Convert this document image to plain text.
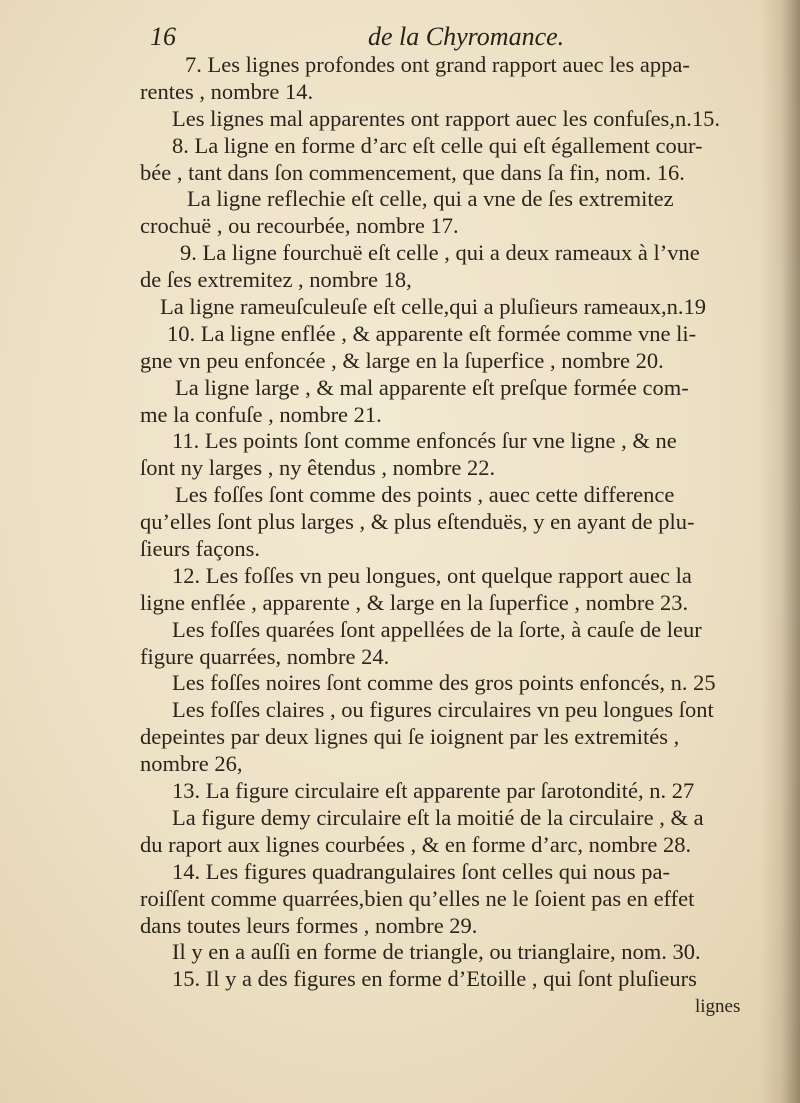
16	de la Chyromance.
7. Les lignes profondes ont grand rapport auec les appa-
rentes , nombre 14.
Les lignes mal apparentes ont rapport auec les confuſes,n.15.
8. La ligne en forme d’arc eſt celle qui eſt égallement cour-
bée , tant dans ſon commencement, que dans ſa fin, nom. 16.
La ligne reflechie eſt celle, qui a vne de ſes extremitez
crochuë , ou recourbée, nombre 17.
9. La ligne fourchuë eſt celle , qui a deux rameaux à l’vne
de ſes extremitez , nombre 18,
La ligne rameuſculeuſe eſt celle,qui a pluſieurs rameaux,n.19
10. La ligne enflée , & apparente eſt formée comme vne li-
gne vn peu enfoncée , & large en la ſuperfice , nombre 20.
La ligne large , & mal apparente eſt preſque formée com-
me la confuſe , nombre 21.
11. Les points ſont comme enfoncés ſur vne ligne , & ne
ſont ny larges , ny êtendus , nombre 22.
Les foſſes ſont comme des points , auec cette difference
qu’elles ſont plus larges , & plus eſtenduës, y en ayant de plu-
ſieurs façons.
12. Les foſſes vn peu longues, ont quelque rapport auec la
ligne enflée , apparente , & large en la ſuperfice , nombre 23.
Les foſſes quarées ſont appellées de la ſorte, à cauſe de leur
figure quarrées, nombre 24.
Les foſſes noires ſont comme des gros points enfoncés, n. 25
Les foſſes claires , ou figures circulaires vn peu longues ſont
depeintes par deux lignes qui ſe ioignent par les extremités ,
nombre 26,
13. La figure circulaire eſt apparente par ſarotondité, n. 27
La figure demy circulaire eſt la moitié de la circulaire , & a
du raport aux lignes courbées , & en forme d’arc, nombre 28.
14. Les figures quadrangulaires ſont celles qui nous pa-
roiſſent comme quarrées,bien qu’elles ne le ſoient pas en effet
dans toutes leurs formes , nombre 29.
Il y en a auſſi en forme de triangle, ou trianglaire, nom. 30.
15. Il y a des figures en forme d’Etoille , qui ſont pluſieurs
lignes
